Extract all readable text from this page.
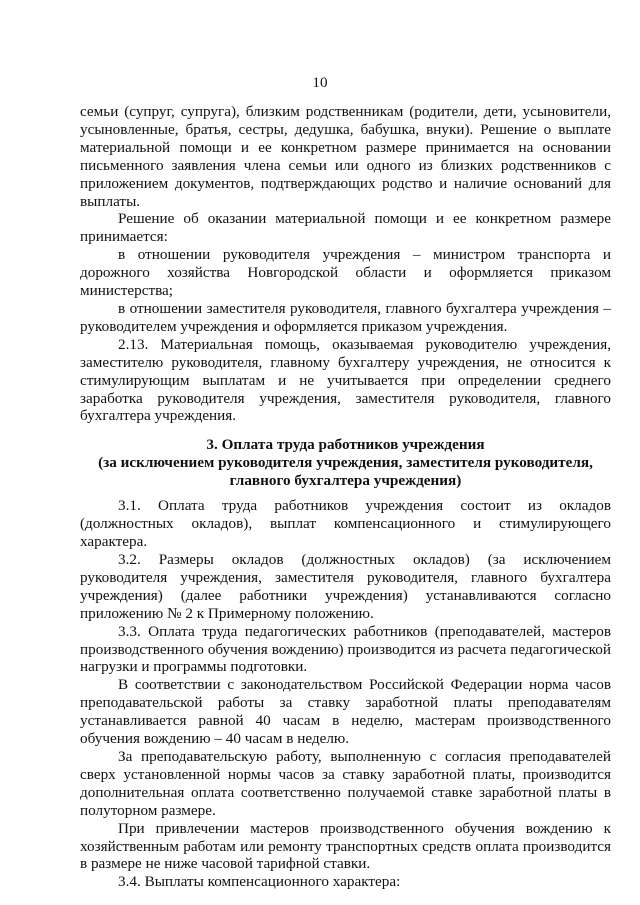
10

семьи (супруг, супруга), близким родственникам (родители, дети, усыновители, усыновленные, братья, сестры, дедушка, бабушка, внуки). Решение о выплате материальной помощи и ее конкретном размере принимается на основании письменного заявления члена семьи или одного из близких родственников с приложением документов, подтверждающих родство и наличие оснований для выплаты.

Решение об оказании материальной помощи и ее конкретном размере принимается:

в отношении руководителя учреждения – министром транспорта и дорожного хозяйства Новгородской области и оформляется приказом министерства;

в отношении заместителя руководителя, главного бухгалтера учреждения – руководителем учреждения и оформляется приказом учреждения.

2.13. Материальная помощь, оказываемая руководителю учреждения, заместителю руководителя, главному бухгалтеру учреждения, не относится к стимулирующим выплатам и не учитывается при определении среднего заработка руководителя учреждения, заместителя руководителя, главного бухгалтера учреждения.

3. Оплата труда работников учреждения
(за исключением руководителя учреждения, заместителя руководителя,
главного бухгалтера учреждения)

3.1. Оплата труда работников учреждения состоит из окладов (должностных окладов), выплат компенсационного и стимулирующего характера.

3.2. Размеры окладов (должностных окладов) (за исключением руководителя учреждения, заместителя руководителя, главного бухгалтера учреждения) (далее работники учреждения) устанавливаются согласно приложению № 2 к Примерному положению.

3.3. Оплата труда педагогических работников (преподавателей, мастеров производственного обучения вождению) производится из расчета педагогической нагрузки и программы подготовки.

В соответствии с законодательством Российской Федерации норма часов преподавательской работы за ставку заработной платы преподавателям устанавливается равной 40 часам в неделю, мастерам производственного обучения вождению – 40 часам в неделю.

За преподавательскую работу, выполненную с согласия преподавателей сверх установленной нормы часов за ставку заработной платы, производится дополнительная оплата соответственно получаемой ставке заработной платы в полуторном размере.

При привлечении мастеров производственного обучения вождению к хозяйственным работам или ремонту транспортных средств оплата производится в размере не ниже часовой тарифной ставки.

3.4. Выплаты компенсационного характера:
